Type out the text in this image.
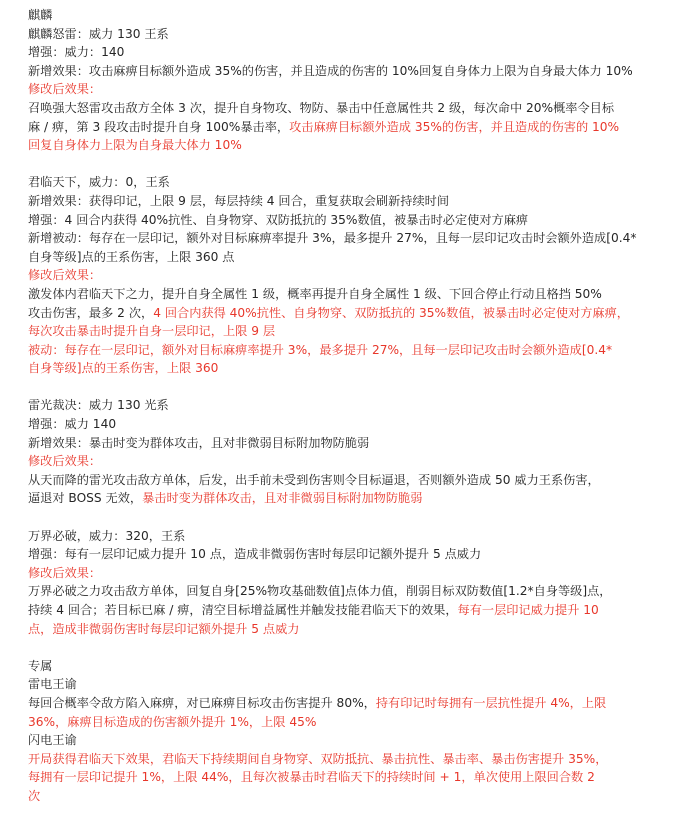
麒麟

麒麟怒雷：威力 130 王系

增强：威力：140

新增效果：攻击麻痹目标额外造成 35%的伤害，并且造成的伤害的 10%回复自身体力上限为自身最大体力 10%

修改后效果：

召唤强大怒雷攻击敌方全体 3 次，提升自身物攻、物防、暴击中任意属性共 2 级，每次命中 20%概率令目标

麻 / 痹，第 3 段攻击时提升自身 100%暴击率，攻击麻痹目标额外造成 35%的伤害，并且造成的伤害的 10%

回复自身体力上限为自身最大体力 10%

君临天下，威力：0，王系

新增效果：获得印记，上限 9 层，每层持续 4 回合，重复获取会刷新持续时间

增强：4 回合内获得 40%抗性、自身物穿、双防抵抗的 35%数值，被暴击时必定使对方麻痹

新增被动：每存在一层印记，额外对目标麻痹率提升 3%，最多提升 27%，且每一层印记攻击时会额外造成[0.4*

自身等级]点的王系伤害，上限 360 点

修改后效果：

激发体内君临天下之力，提升自身全属性 1 级，概率再提升自身全属性 1 级、下回合停止行动且格挡 50%

攻击伤害，最多 2 次，4 回合内获得 40%抗性、自身物穿、双防抵抗的 35%数值，被暴击时必定使对方麻痹，

每次攻击暴击时提升自身一层印记，上限 9 层

被动：每存在一层印记，额外对目标麻痹率提升 3%，最多提升 27%，且每一层印记攻击时会额外造成[0.4*

自身等级]点的王系伤害，上限 360

雷光裁决：威力 130 光系

增强：威力 140

新增效果：暴击时变为群体攻击，且对非微弱目标附加物防脆弱

修改后效果：

从天而降的雷光攻击敌方单体，后发，出手前未受到伤害则令目标逼退，否则额外造成 50 威力王系伤害，

逼退对 BOSS 无效，暴击时变为群体攻击，且对非微弱目标附加物防脆弱

万界必破，威力：320，王系

增强：每有一层印记威力提升 10 点，造成非微弱伤害时每层印记额外提升 5 点威力

修改后效果：

万界必破之力攻击敌方单体，回复自身[25%物攻基础数值]点体力值，削弱目标双防数值[1.2*自身等级]点，

持续 4 回合；若目标已麻 / 痹，清空目标增益属性并触发技能君临天下的效果，每有一层印记威力提升 10

点，造成非微弱伤害时每层印记额外提升 5 点威力

专属

雷电王谕

每回合概率令敌方陷入麻痹，对已麻痹目标攻击伤害提升 80%，持有印记时每拥有一层抗性提升 4%，上限

36%，麻痹目标造成的伤害额外提升 1%，上限 45%

闪电王谕

开局获得君临天下效果，君临天下持续期间自身物穿、双防抵抗、暴击抗性、暴击率、暴击伤害提升 35%，

每拥有一层印记提升 1%，上限 44%，且每次被暴击时君临天下的持续时间 + 1，单次使用上限回合数 2

次
